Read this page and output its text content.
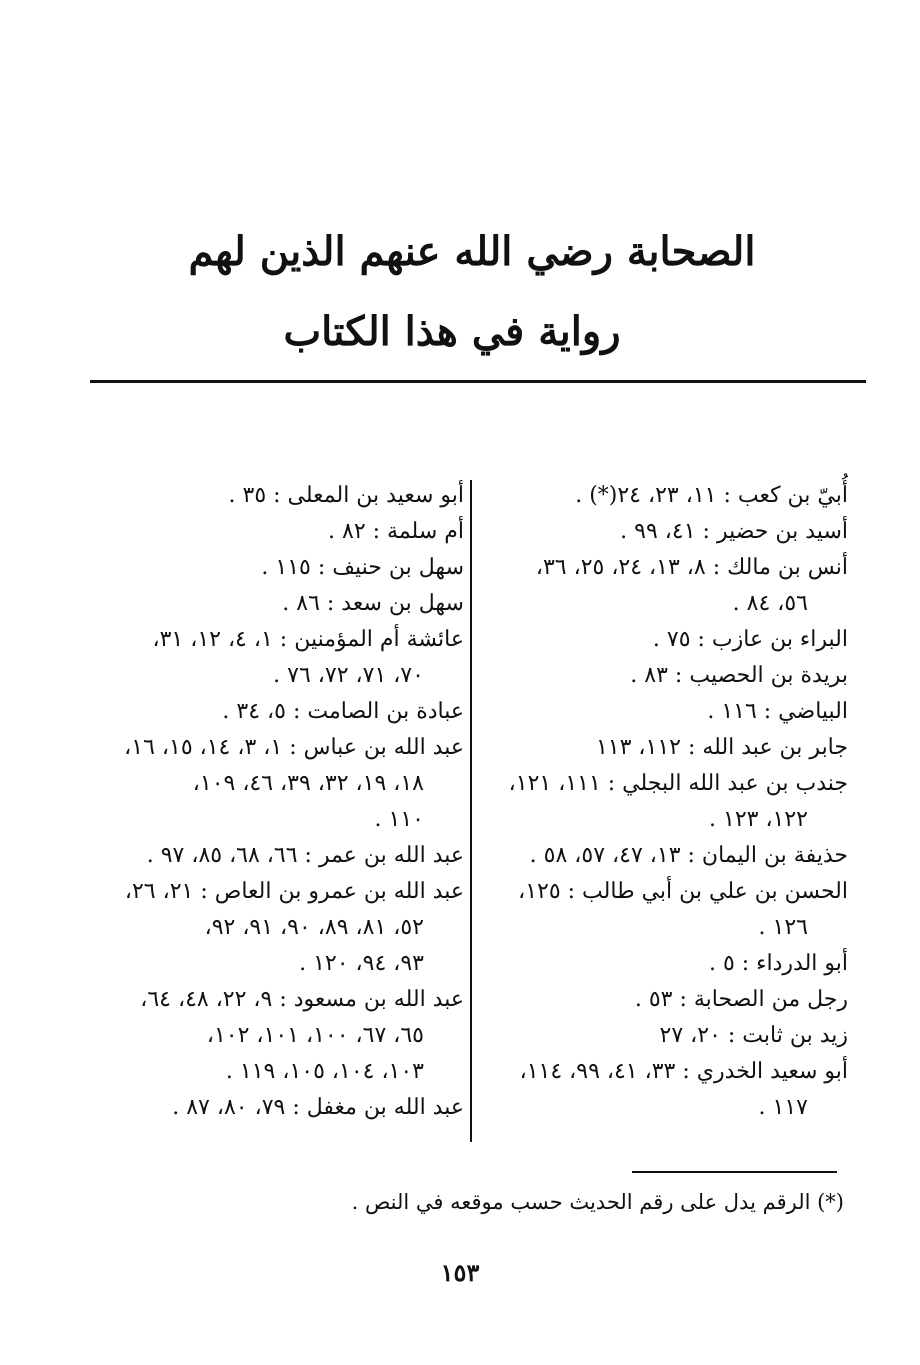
الصحابة رضي الله عنهم الذين لهم
رواية في هذا الكتاب

أُبيّ بن كعب : ١١، ٢٣، ٢٤(*) .

أسيد بن حضير : ٤١، ٩٩ .

أنس بن مالك : ٨، ١٣، ٢٤، ٢٥، ٣٦،

٥٦، ٨٤ .

البراء بن عازب : ٧٥ .

بريدة بن الحصيب : ٨٣ .

البياضي : ١١٦ .

جابر بن عبد الله : ١١٢، ١١٣

جندب بن عبد الله البجلي : ١١١، ١٢١،

١٢٢، ١٢٣ .

حذيفة بن اليمان : ١٣، ٤٧، ٥٧، ٥٨ .

الحسن بن علي بن أبي طالب : ١٢٥،

١٢٦ .

أبو الدرداء : ٥ .

رجل من الصحابة : ٥٣ .

زيد بن ثابت : ٢٠، ٢٧

أبو سعيد الخدري : ٣٣، ٤١، ٩٩، ١١٤،

١١٧ .

أبو سعيد بن المعلى : ٣٥ .

أم سلمة : ٨٢ .

سهل بن حنيف : ١١٥ .

سهل بن سعد : ٨٦ .

عائشة أم المؤمنين : ١، ٤، ١٢، ٣١،

٧٠، ٧١، ٧٢، ٧٦ .

عبادة بن الصامت : ٥، ٣٤ .

عبد الله بن عباس : ١، ٣، ١٤، ١٥، ١٦،

١٨، ١٩، ٣٢، ٣٩، ٤٦، ١٠٩،

١١٠ .

عبد الله بن عمر : ٦٦، ٦٨، ٨٥، ٩٧ .

عبد الله بن عمرو بن العاص : ٢١، ٢٦،

٥٢، ٨١، ٨٩، ٩٠، ٩١، ٩٢،

٩٣، ٩٤، ١٢٠ .

عبد الله بن مسعود : ٩، ٢٢، ٤٨، ٦٤،

٦٥، ٦٧، ١٠٠، ١٠١، ١٠٢،

١٠٣، ١٠٤، ١٠٥، ١١٩ .

عبد الله بن مغفل : ٧٩، ٨٠، ٨٧ .

(*) الرقم يدل على رقم الحديث حسب موقعه في النص .
١٥٣
